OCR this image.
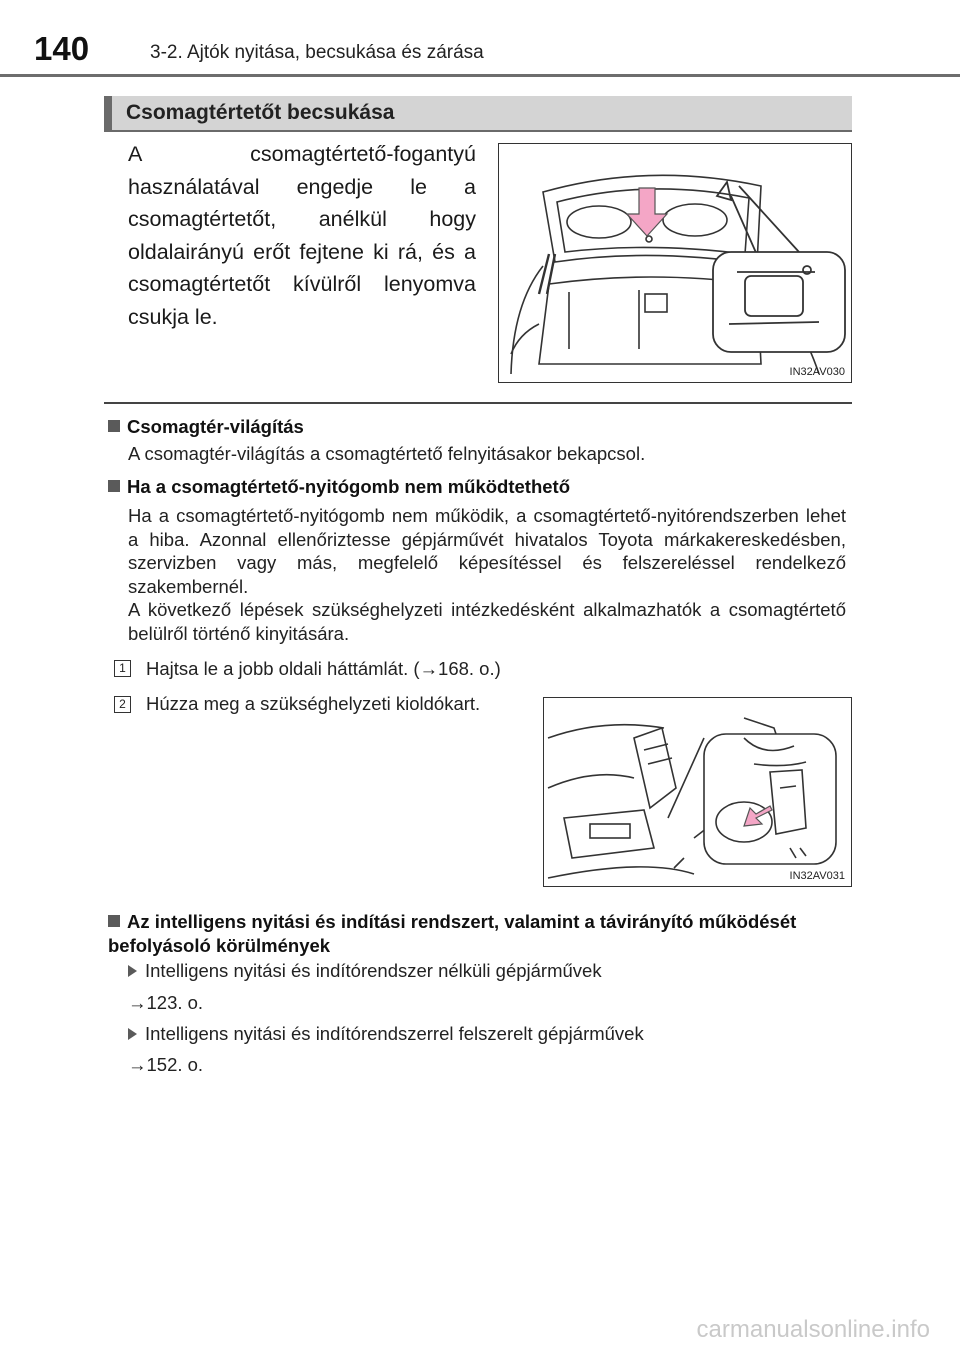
140	3-2. Ajtók nyitása, becsukása és zárása
Csomagtértetőt becsukása
A csomagtértető-fogantyú használatával engedje le a csomagtértetőt, anélkül hogy oldalairányú erőt fejtene ki rá, és a csomagtértetőt kívülről lenyomva csukja le.
IN32AV030
Csomagtér-világítás
A csomagtér-világítás a csomagtértető felnyitásakor bekapcsol.
Ha a csomagtértető-nyitógomb nem működtethető
Ha a csomagtértető-nyitógomb nem működik, a csomagtértető-nyitórendszerben lehet a hiba. Azonnal ellenőriztesse gépjárművét hivatalos Toyota márkakereskedésben, szervizben vagy más, megfelelő képesítéssel és felszereléssel rendelkező szakembernél.
A következő lépések szükséghelyzeti intézkedésként alkalmazhatók a csomagtértető belülről történő kinyitására.
1 Hajtsa le a jobb oldali háttámlát. (→168. o.)
2 Húzza meg a szükséghelyzeti kioldókart.
IN32AV031
Az intelligens nyitási és indítási rendszert, valamint a távirányító működését befolyásoló körülmények
Intelligens nyitási és indítórendszer nélküli gépjárművek
→123. o.
Intelligens nyitási és indítórendszerrel felszerelt gépjárművek
→152. o.
carmanualsonline.info
